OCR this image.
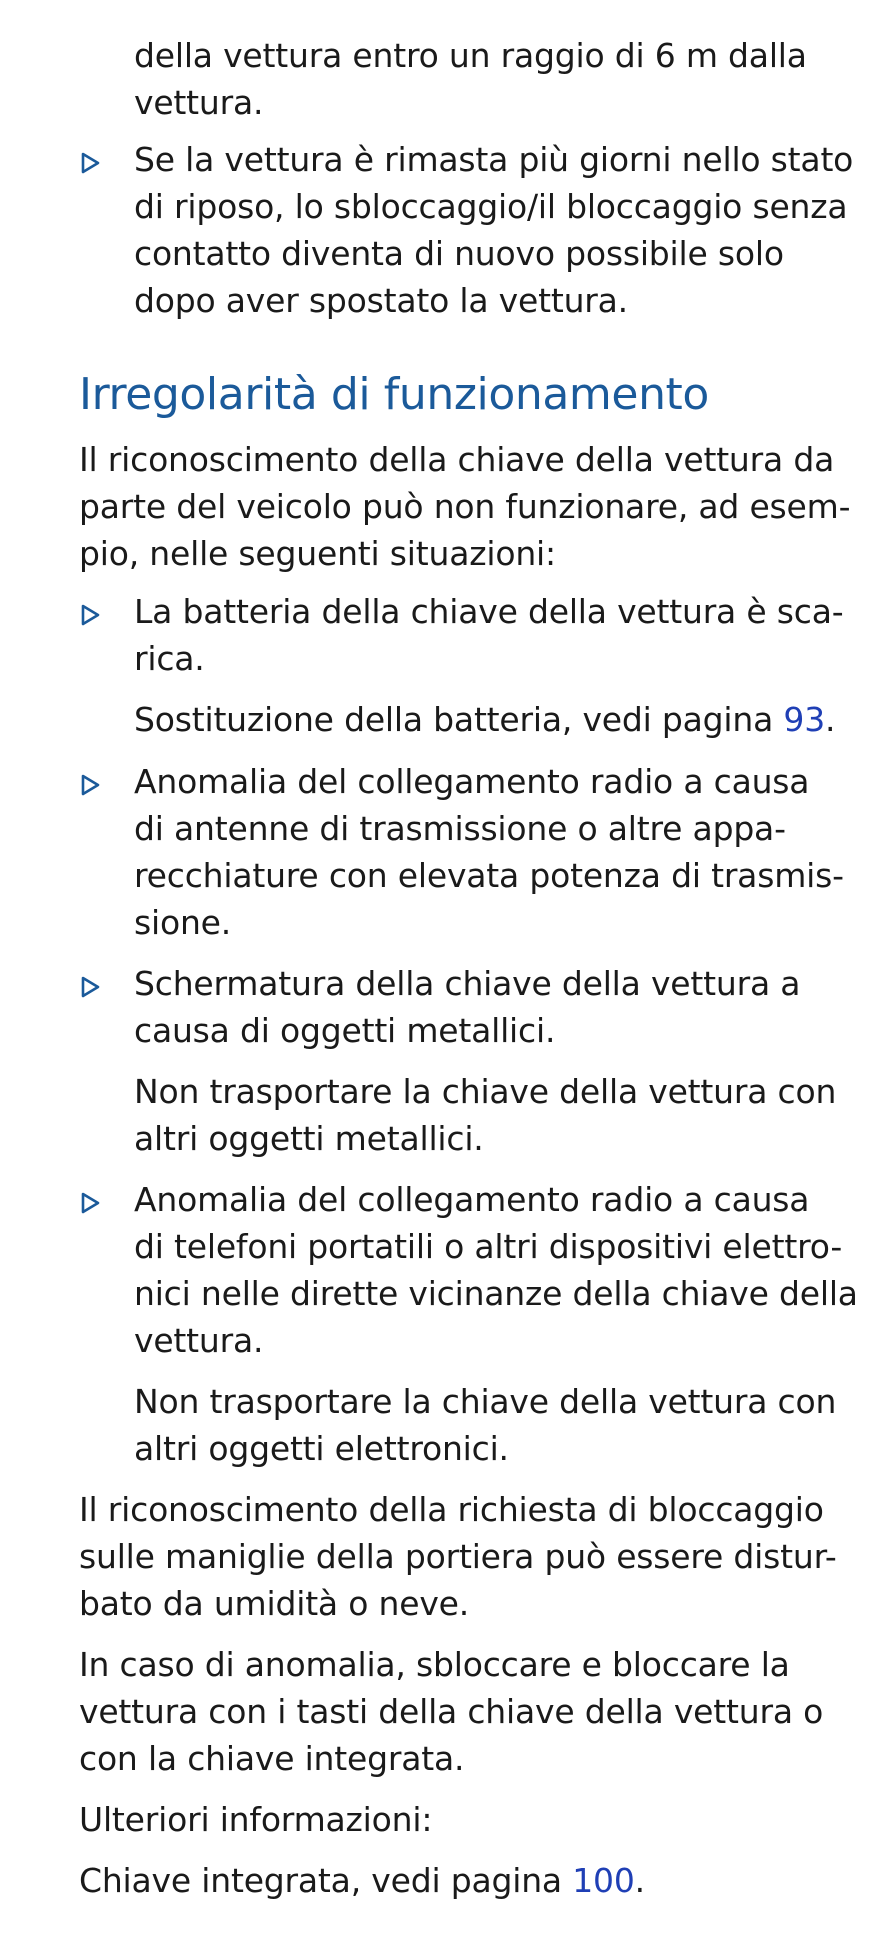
della vettura entro un raggio di 6 m dalla
vettura.
Se la vettura è rimasta più giorni nello stato
di riposo, lo sbloccaggio/il bloccaggio senza
contatto diventa di nuovo possibile solo
dopo aver spostato la vettura.
Irregolarità di funzionamento
Il riconoscimento della chiave della vettura da
parte del veicolo può non funzionare, ad esem-
pio, nelle seguenti situazioni:
La batteria della chiave della vettura è sca-
rica.
Sostituzione della batteria, vedi pagina 93.
Anomalia del collegamento radio a causa
di antenne di trasmissione o altre appa-
recchiature con elevata potenza di trasmis-
sione.
Schermatura della chiave della vettura a
causa di oggetti metallici.
Non trasportare la chiave della vettura con
altri oggetti metallici.
Anomalia del collegamento radio a causa
di telefoni portatili o altri dispositivi elettro-
nici nelle dirette vicinanze della chiave della
vettura.
Non trasportare la chiave della vettura con
altri oggetti elettronici.
Il riconoscimento della richiesta di bloccaggio
sulle maniglie della portiera può essere distur-
bato da umidità o neve.
In caso di anomalia, sbloccare e bloccare la
vettura con i tasti della chiave della vettura o
con la chiave integrata.
Ulteriori informazioni:
Chiave integrata, vedi pagina 100.
